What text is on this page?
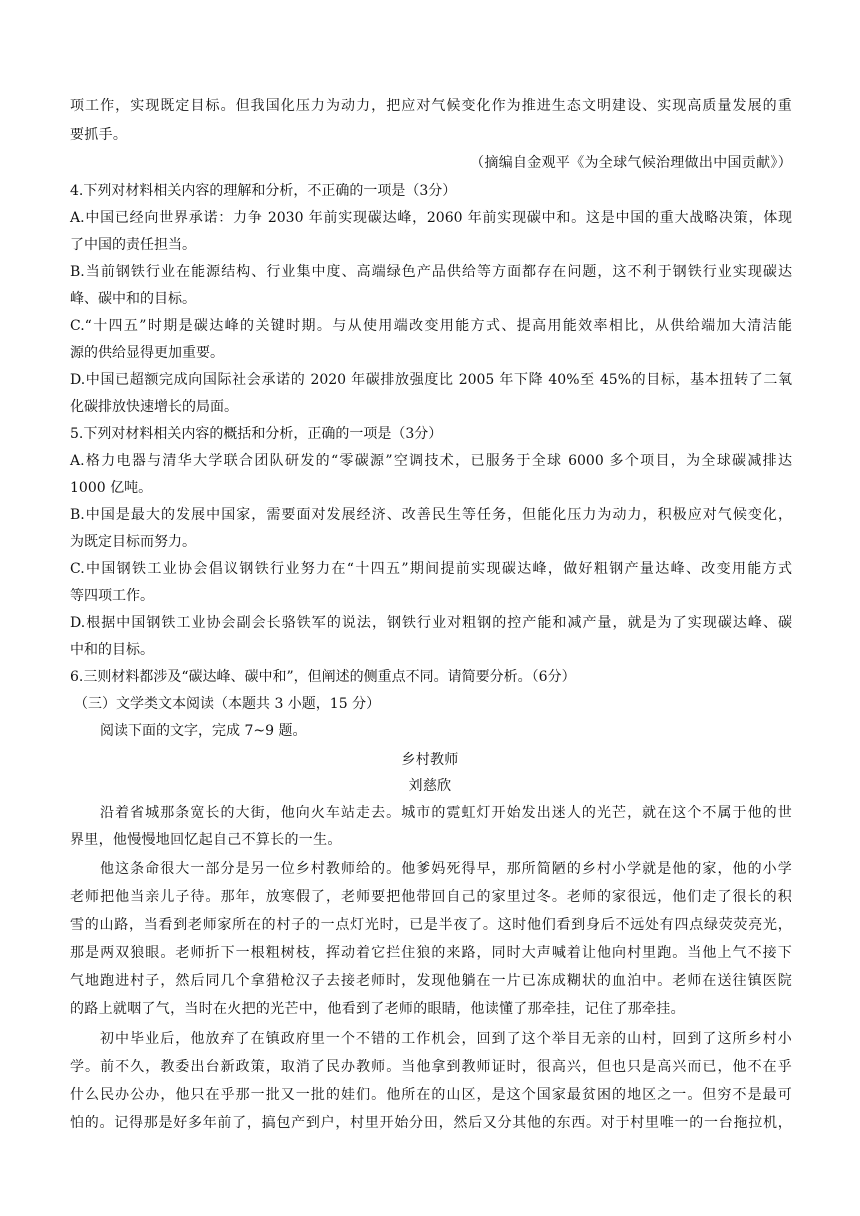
项工作，实现既定目标。但我国化压力为动力，把应对气候变化作为推进生态文明建设、实现高质量发展的重
要抓手。
（摘编自金观平《为全球气候治理做出中国贡献》）
4.下列对材料相关内容的理解和分析，不正确的一项是（3分）
A.中国已经向世界承诺：力争 2030 年前实现碳达峰，2060 年前实现碳中和。这是中国的重大战略决策，体现
了中国的责任担当。
B.当前钢铁行业在能源结构、行业集中度、高端绿色产品供给等方面都存在问题，这不利于钢铁行业实现碳达
峰、碳中和的目标。
C.“十四五”时期是碳达峰的关键时期。与从使用端改变用能方式、提高用能效率相比，从供给端加大清洁能
源的供给显得更加重要。
D.中国已超额完成向国际社会承诺的 2020 年碳排放强度比 2005 年下降 40%至 45%的目标，基本扭转了二氧
化碳排放快速增长的局面。
5.下列对材料相关内容的概括和分析，正确的一项是（3分）
A.格力电器与清华大学联合团队研发的“零碳源”空调技术，已服务于全球 6000 多个项目，为全球碳减排达
1000 亿吨。
B.中国是最大的发展中国家，需要面对发展经济、改善民生等任务，但能化压力为动力，积极应对气候变化，
为既定目标而努力。
C.中国钢铁工业协会倡议钢铁行业努力在“十四五”期间提前实现碳达峰，做好粗钢产量达峰、改变用能方式
等四项工作。
D.根据中国钢铁工业协会副会长骆铁军的说法，钢铁行业对粗钢的控产能和减产量，就是为了实现碳达峰、碳
中和的目标。
6.三则材料都涉及“碳达峰、碳中和”，但阐述的侧重点不同。请简要分析。（6分）
（三）文学类文本阅读（本题共 3 小题，15 分）
阅读下面的文字，完成 7~9 题。
乡村教师
刘慈欣
沿着省城那条宽长的大街，他向火车站走去。城市的霓虹灯开始发出迷人的光芒，就在这个不属于他的世
界里，他慢慢地回忆起自己不算长的一生。
他这条命很大一部分是另一位乡村教师给的。他爹妈死得早，那所简陋的乡村小学就是他的家，他的小学
老师把他当亲儿子待。那年，放寒假了，老师要把他带回自己的家里过冬。老师的家很远，他们走了很长的积
雪的山路，当看到老师家所在的村子的一点灯光时，已是半夜了。这时他们看到身后不远处有四点绿荧荧亮光，
那是两双狼眼。老师折下一根粗树枝，挥动着它拦住狼的来路，同时大声喊着让他向村里跑。当他上气不接下
气地跑进村子，然后同几个拿猎枪汉子去接老师时，发现他躺在一片已冻成糊状的血泊中。老师在送往镇医院
的路上就咽了气，当时在火把的光芒中，他看到了老师的眼睛，他读懂了那牵挂，记住了那牵挂。
初中毕业后，他放弃了在镇政府里一个不错的工作机会，回到了这个举目无亲的山村，回到了这所乡村小
学。前不久，教委出台新政策，取消了民办教师。当他拿到教师证时，很高兴，但也只是高兴而已，他不在乎
什么民办公办，他只在乎那一批又一批的娃们。他所在的山区，是这个国家最贫困的地区之一。但穷不是最可
怕的。记得那是好多年前了，搞包产到户，村里开始分田，然后又分其他的东西。对于村里唯一的一台拖拉机，
